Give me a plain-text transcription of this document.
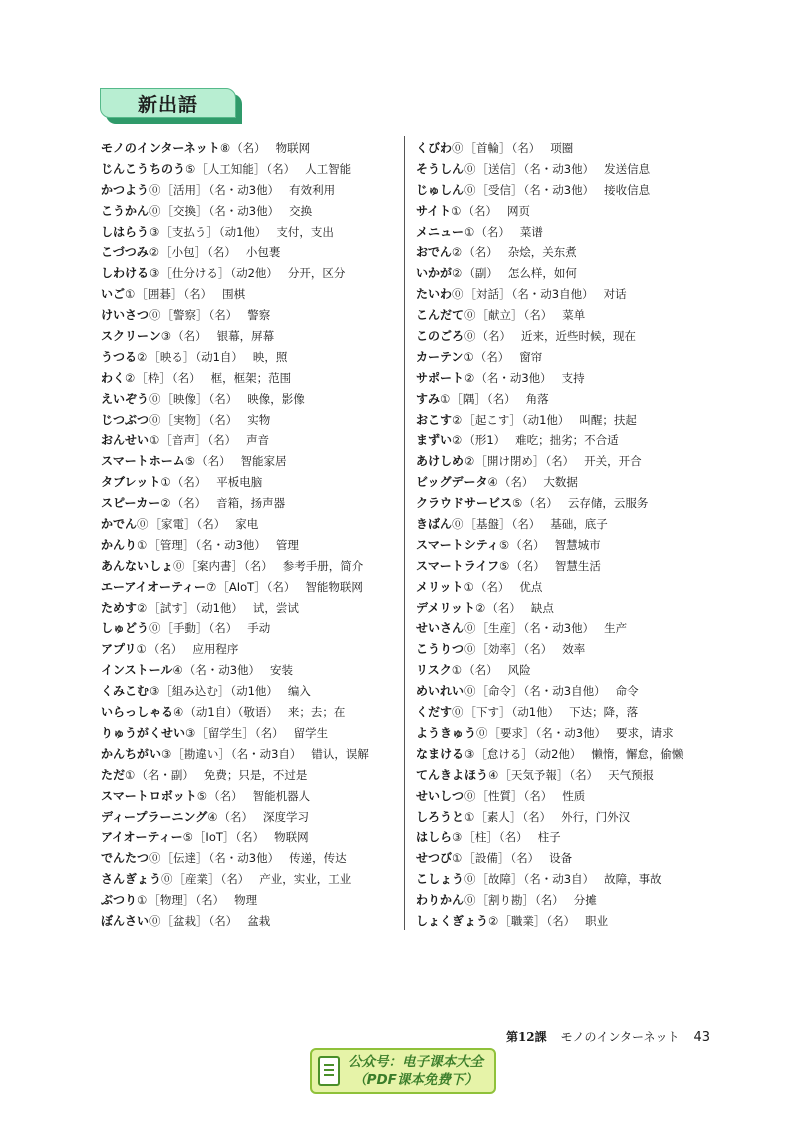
新出語
モノのインターネット⑧（名） 物联网
じんこうちのう⑤［人工知能］（名） 人工智能
かつよう⓪［活用］（名・动3他） 有效利用
こうかん⓪［交換］（名・动3他） 交换
しはらう③［支払う］（动1他） 支付，支出
こづつみ②［小包］（名） 小包裹
しわける③［仕分ける］（动2他） 分开，区分
いご①［囲碁］（名） 围棋
けいさつ⓪［警察］（名） 警察
スクリーン③（名） 银幕，屏幕
うつる②［映る］（动1自） 映，照
わく②［枠］（名） 框，框架；范围
えいぞう⓪［映像］（名） 映像，影像
じつぶつ⓪［実物］（名） 实物
おんせい①［音声］（名） 声音
スマートホーム⑤（名） 智能家居
タブレット①（名） 平板电脑
スピーカー②（名） 音箱，扬声器
かでん⓪［家電］（名） 家电
かんり①［管理］（名・动3他） 管理
あんないしょ⓪［案内書］（名） 参考手册，简介
エーアイオーティー⑦［AIoT］（名） 智能物联网
ためす②［試す］（动1他） 试，尝试
しゅどう⓪［手動］（名） 手动
アプリ①（名） 应用程序
インストール④（名・动3他） 安装
くみこむ③［組み込む］（动1他） 编入
いらっしゃる④（动1自）（敬语） 来；去；在
りゅうがくせい③［留学生］（名） 留学生
かんちがい③［勘違い］（名・动3自） 错认，误解
ただ①（名・副） 免费；只是，不过是
スマートロボット⑤（名） 智能机器人
ディープラーニング④（名） 深度学习
アイオーティー⑤［IoT］（名） 物联网
でんたつ⓪［伝達］（名・动3他） 传递，传达
さんぎょう⓪［産業］（名） 产业，实业，工业
ぶつり①［物理］（名） 物理
ぼんさい⓪［盆栽］（名） 盆栽
くびわ⓪［首輪］（名） 项圈
そうしん⓪［送信］（名・动3他） 发送信息
じゅしん⓪［受信］（名・动3他） 接收信息
サイト①（名） 网页
メニュー①（名） 菜谱
おでん②（名） 杂烩，关东煮
いかが②（副） 怎么样，如何
たいわ⓪［対話］（名・动3自他） 对话
こんだて⓪［献立］（名） 菜单
このごろ⓪（名） 近来，近些时候，现在
カーテン①（名） 窗帘
サポート②（名・动3他） 支持
すみ①［隅］（名） 角落
おこす②［起こす］（动1他） 叫醒；扶起
まずい②（形1） 难吃；拙劣；不合适
あけしめ②［開け閉め］（名） 开关，开合
ビッグデータ④（名） 大数据
クラウドサービス⑤（名） 云存储，云服务
きばん⓪［基盤］（名） 基础，底子
スマートシティ⑤（名） 智慧城市
スマートライフ⑤（名） 智慧生活
メリット①（名） 优点
デメリット②（名） 缺点
せいさん⓪［生産］（名・动3他） 生产
こうりつ⓪［効率］（名） 效率
リスク①（名） 风险
めいれい⓪［命令］（名・动3自他） 命令
くだす⓪［下す］（动1他） 下达；降，落
ようきゅう⓪［要求］（名・动3他） 要求，请求
なまける③［怠ける］（动2他） 懒惰，懈怠，偷懒
てんきよほう④［天気予報］（名） 天气预报
せいしつ⓪［性質］（名） 性质
しろうと①［素人］（名） 外行，门外汉
はしら③［柱］（名） 柱子
せつび①［設備］（名） 设备
こしょう⓪［故障］（名・动3自） 故障，事故
わりかん⓪［割り勘］（名） 分摊
しょくぎょう②［職業］（名） 职业
第12課 モノのインターネット 43
公众号：电子课本大全
（PDF课本免费下）
